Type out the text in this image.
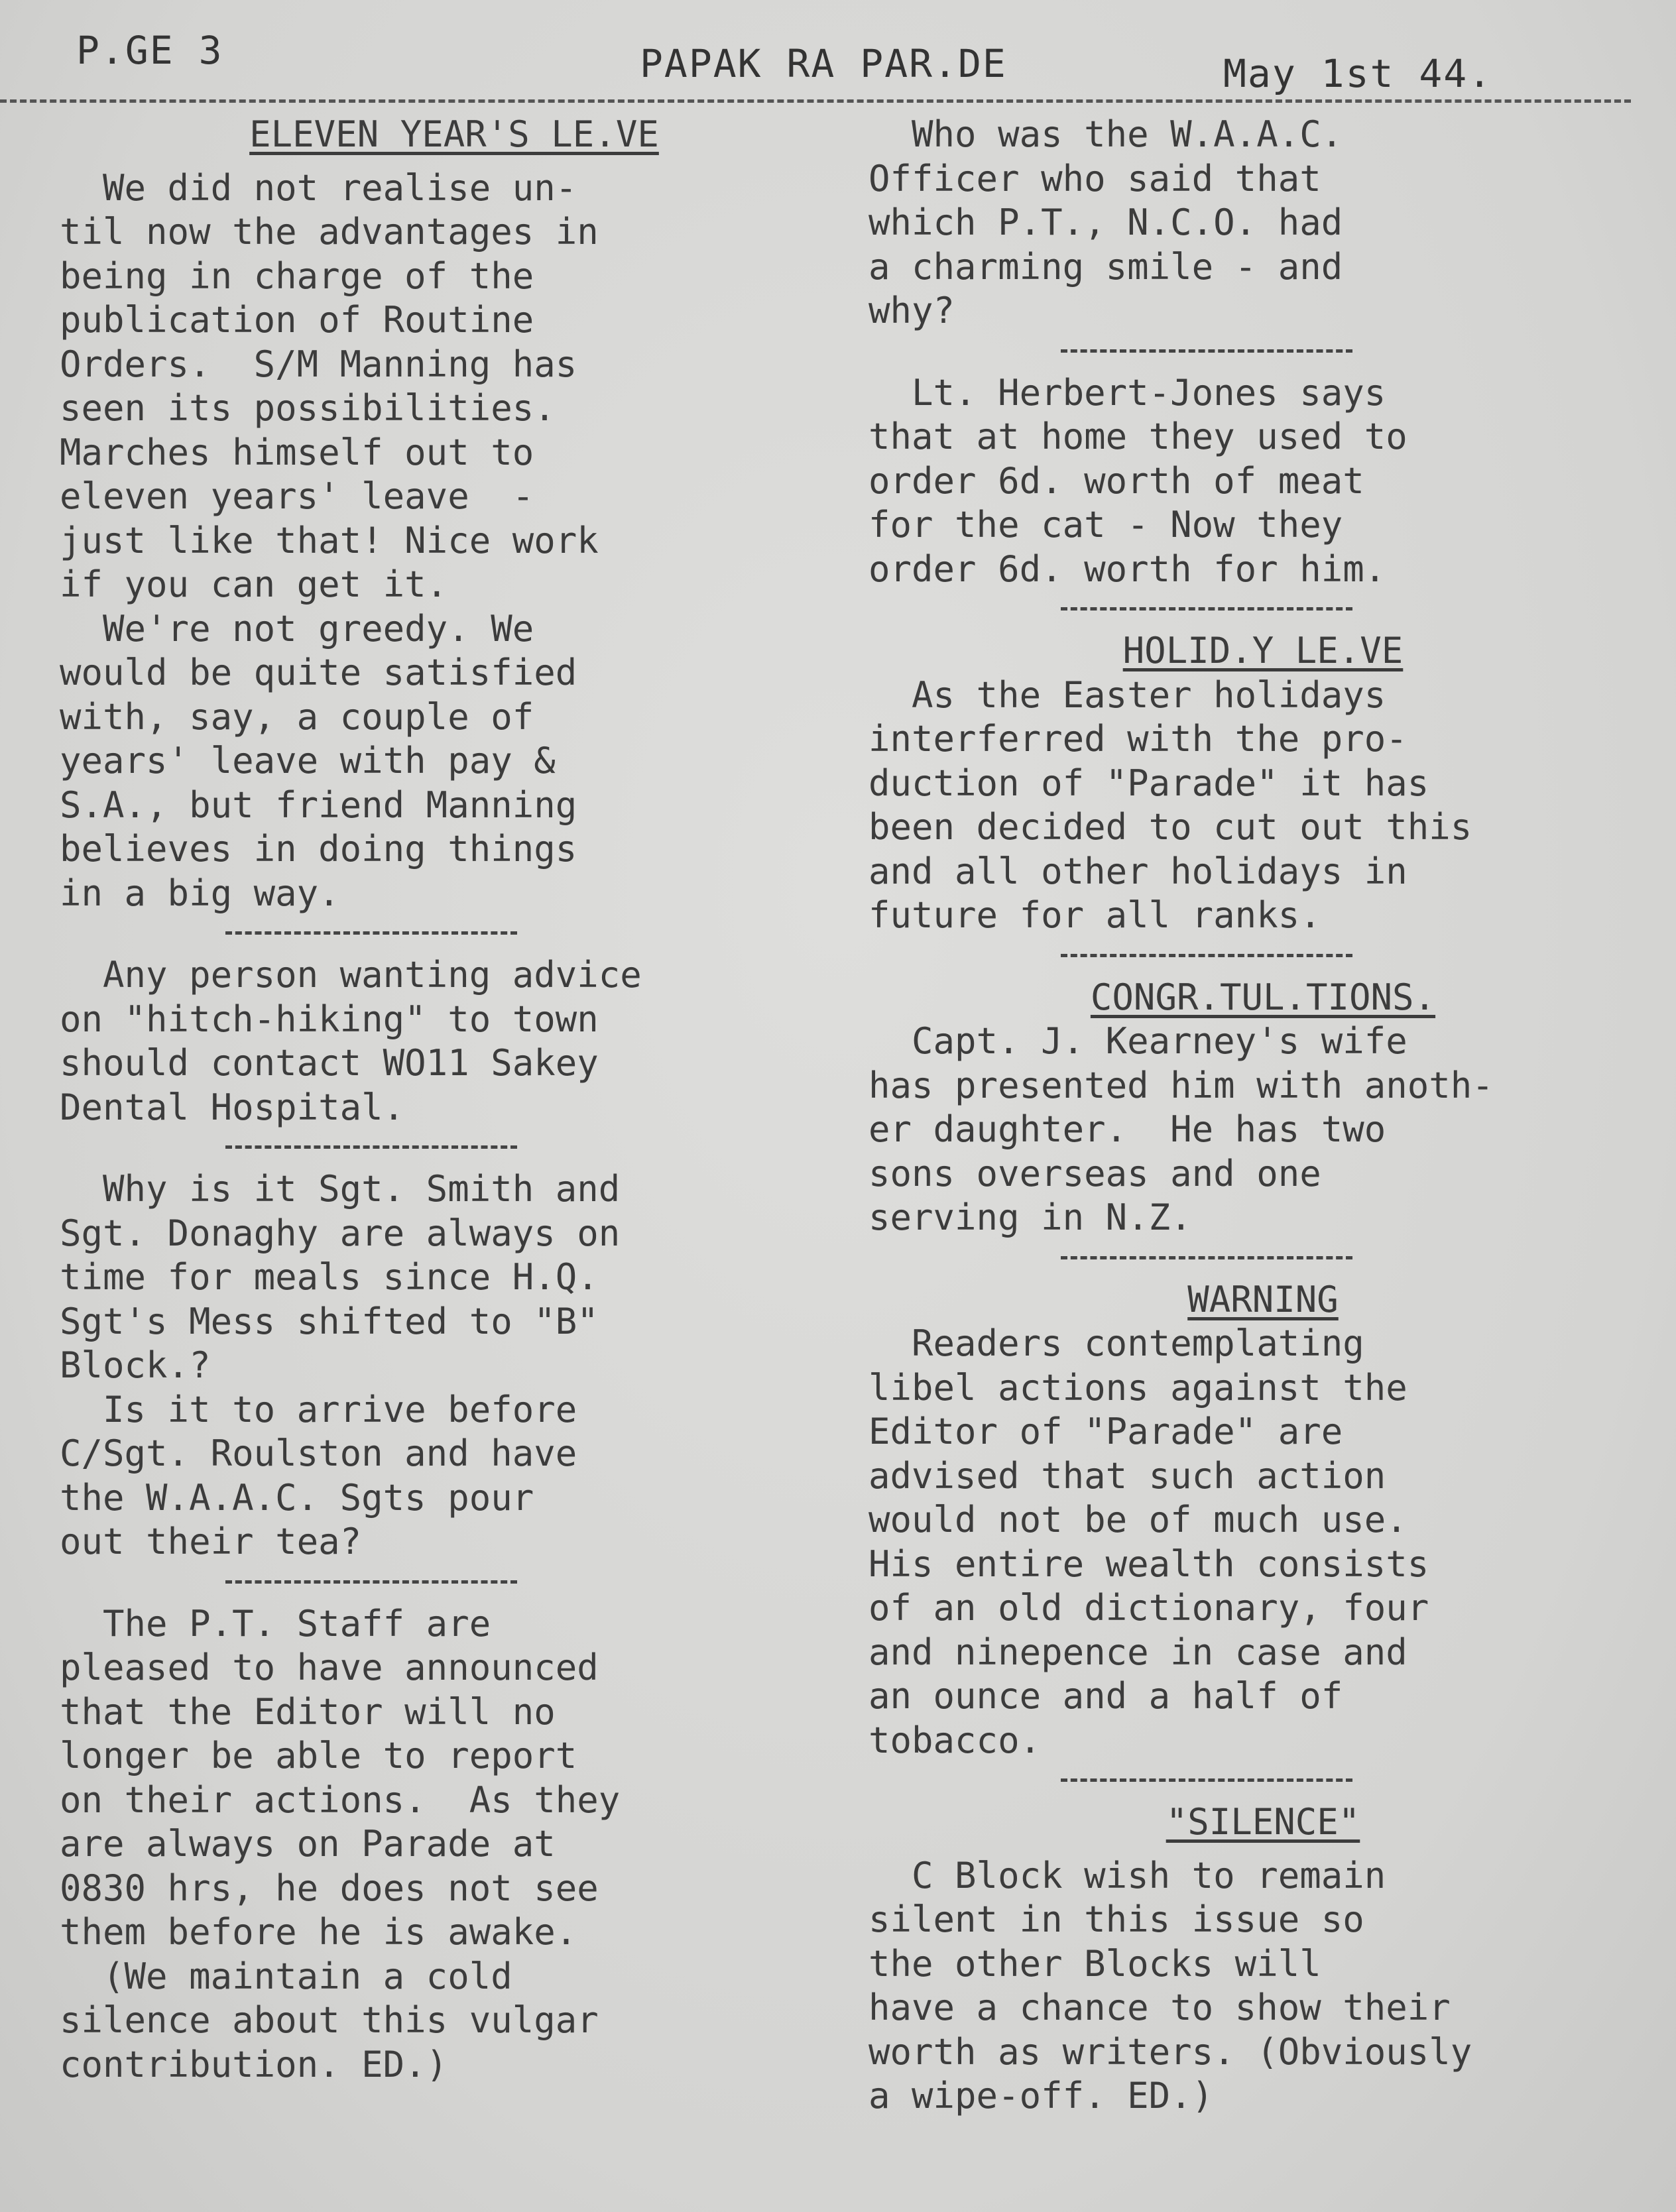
P.GE 3	PAPAK RA PAR.DE	May 1st 44.
ELEVEN YEAR'S LE.VE
We did not realise un-
til now the advantages in
being in charge of the
publication of Routine
Orders.  S/M Manning has
seen its possibilities.
Marches himself out to
eleven years' leave  -
just like that! Nice work
if you can get it.
We're not greedy. We
would be quite satisfied
with, say, a couple of
years' leave with pay &
S.A., but friend Manning
believes in doing things
in a big way.
Any person wanting advice
on "hitch-hiking" to town
should contact WO11 Sakey
Dental Hospital.
Why is it Sgt. Smith and
Sgt. Donaghy are always on
time for meals since H.Q.
Sgt's Mess shifted to "B"
Block.?
Is it to arrive before
C/Sgt. Roulston and have
the W.A.A.C. Sgts pour
out their tea?
The P.T. Staff are
pleased to have announced
that the Editor will no
longer be able to report
on their actions.  As they
are always on Parade at
0830 hrs, he does not see
them before he is awake.
(We maintain a cold
silence about this vulgar
contribution. ED.)
Who was the W.A.A.C.
Officer who said that
which P.T., N.C.O. had
a charming smile - and
why?
Lt. Herbert-Jones says
that at home they used to
order 6d. worth of meat
for the cat - Now they
order 6d. worth for him.
HOLID.Y LE.VE
As the Easter holidays
interferred with the pro-
duction of "Parade" it has
been decided to cut out this
and all other holidays in
future for all ranks.
CONGR.TUL.TIONS.
Capt. J. Kearney's wife
has presented him with anoth-
er daughter.  He has two
sons overseas and one
serving in N.Z.
WARNING
Readers contemplating
libel actions against the
Editor of "Parade" are
advised that such action
would not be of much use.
His entire wealth consists
of an old dictionary, four
and ninepence in case and
an ounce and a half of
tobacco.
"SILENCE"
C Block wish to remain
silent in this issue so
the other Blocks will
have a chance to show their
worth as writers. (Obviously
a wipe-off. ED.)
